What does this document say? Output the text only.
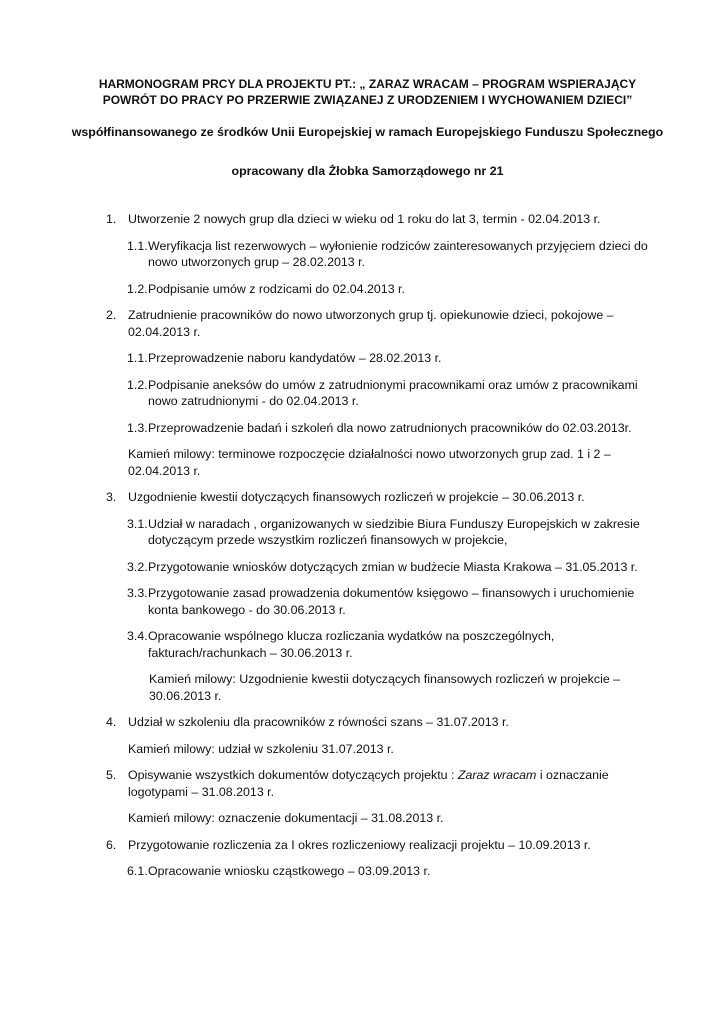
HARMONOGRAM PRCY DLA PROJEKTU PT.: „ ZARAZ WRACAM – PROGRAM WSPIERAJĄCY
POWRÓT DO PRACY PO PRZERWIE ZWIĄZANEJ Z URODZENIEM I WYCHOWANIEM DZIECI”
współfinansowanego ze środków Unii Europejskiej w ramach Europejskiego Funduszu Społecznego
opracowany dla Żłobka Samorządowego nr 21
1. Utworzenie 2 nowych grup dla dzieci w wieku od 1 roku do lat 3, termin - 02.04.2013 r.
1.1. Weryfikacja list rezerwowych – wyłonienie rodziców zainteresowanych przyjęciem dzieci do nowo utworzonych grup – 28.02.2013 r.
1.2. Podpisanie umów z rodzicami do 02.04.2013 r.
2. Zatrudnienie pracowników do nowo utworzonych grup tj. opiekunowie dzieci, pokojowe – 02.04.2013 r.
1.1. Przeprowadzenie naboru kandydatów – 28.02.2013 r.
1.2. Podpisanie aneksów do umów z zatrudnionymi pracownikami oraz umów z pracownikami nowo zatrudnionymi - do 02.04.2013 r.
1.3. Przeprowadzenie badań i szkoleń dla nowo zatrudnionych pracowników do 02.03.2013r.
Kamień milowy: terminowe rozpoczęcie działalności nowo utworzonych grup zad. 1 i 2 – 02.04.2013 r.
3. Uzgodnienie kwestii dotyczących finansowych rozliczeń w projekcie – 30.06.2013 r.
3.1. Udział w naradach , organizowanych w siedzibie Biura Funduszy Europejskich w zakresie dotyczącym przede wszystkim rozliczeń finansowych w projekcie,
3.2. Przygotowanie wniosków dotyczących zmian w budżecie Miasta Krakowa – 31.05.2013 r.
3.3. Przygotowanie zasad prowadzenia dokumentów księgowo – finansowych i uruchomienie konta bankowego - do 30.06.2013 r.
3.4. Opracowanie wspólnego klucza rozliczania wydatków na poszczególnych, fakturach/rachunkach – 30.06.2013 r.
Kamień milowy: Uzgodnienie kwestii dotyczących finansowych rozliczeń w projekcie – 30.06.2013 r.
4. Udział w szkoleniu dla pracowników z równości szans – 31.07.2013 r.
Kamień milowy: udział w szkoleniu 31.07.2013 r.
5. Opisywanie wszystkich dokumentów dotyczących projektu : Zaraz wracam i oznaczanie logotypami – 31.08.2013 r.
Kamień milowy: oznaczenie dokumentacji – 31.08.2013 r.
6. Przygotowanie rozliczenia za I okres rozliczeniowy realizacji projektu – 10.09.2013 r.
6.1. Opracowanie wniosku cząstkowego – 03.09.2013 r.
